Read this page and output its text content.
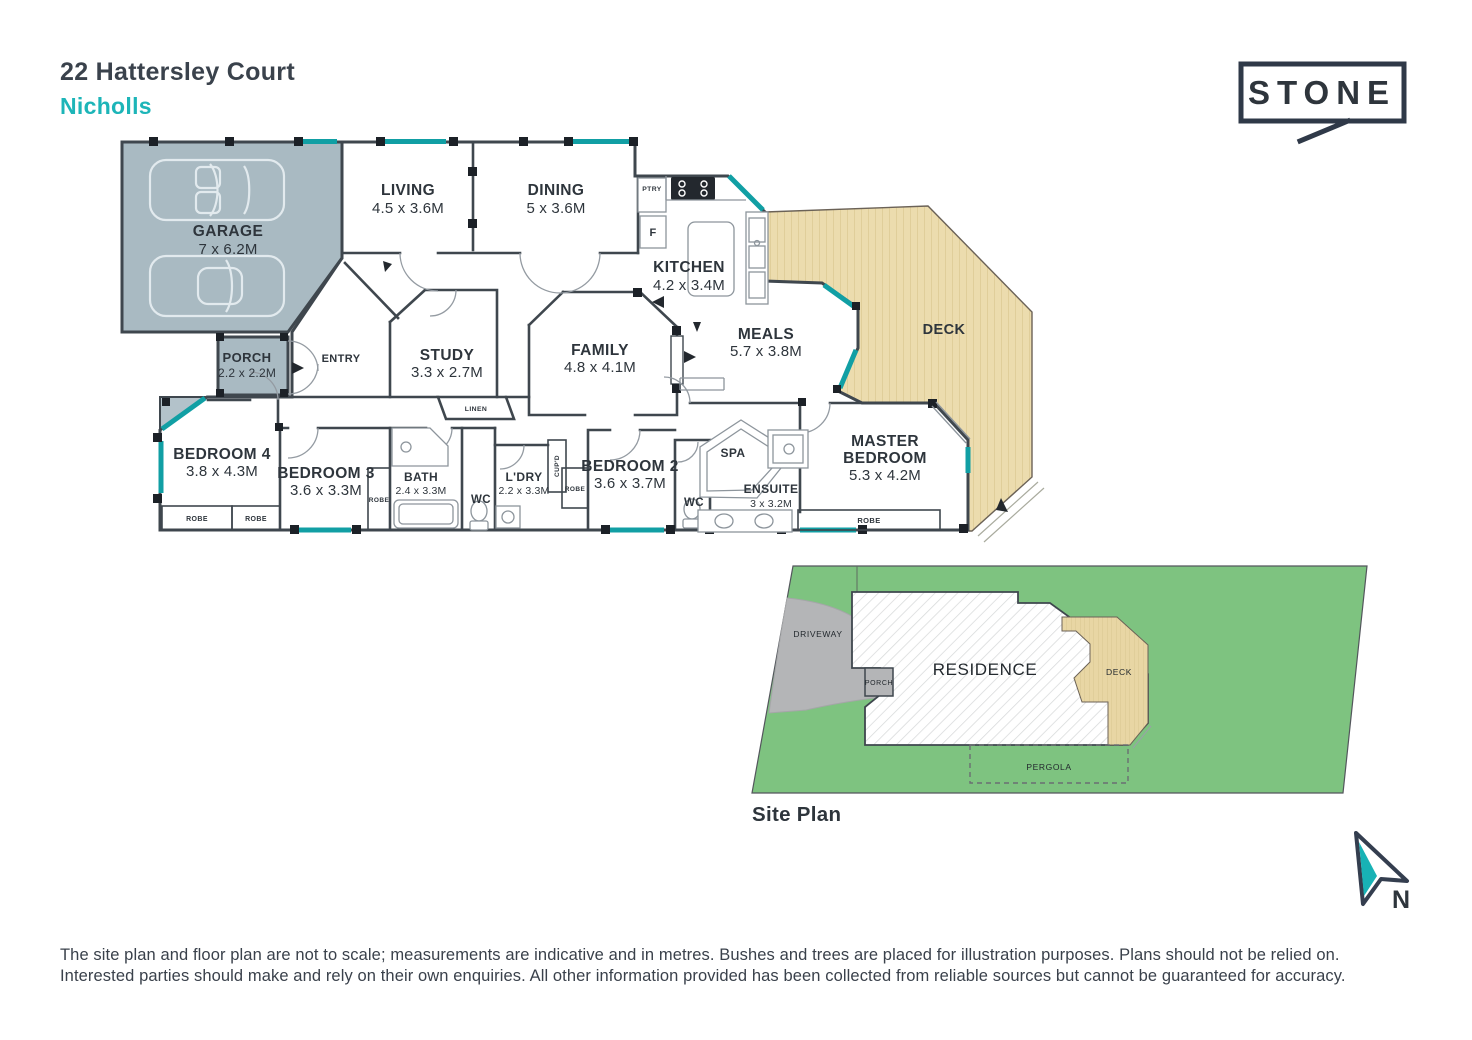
GARAGE
7 x 6.2M
PORCH
2.2 x 2.2M
ENTRY
LIVING
4.5 x 3.6M
DINING
5 x 3.6M
KITCHEN
4.2 x 3.4M
STUDY
3.3 x 2.7M
FAMILY
4.8 x 4.1M
MEALS
5.7 x 3.8M
DECK
BEDROOM 4
3.8 x 4.3M BEDROOM 3
3.6 x 3.3M
BATH
2.4 x 3.3M
WC
L'DRY
2.2 x 3.3M
BEDROOM 2
3.6 x 3.7M
WC
SPA
ENSUITE
3 x 3.2M
MASTER
BEDROOM
5.3 x 4.2M
PTRY
F
LINEN
ROBE	ROBE
ROBE
CUP'D
ROBE
ROBE
DRIVEWAY
PORCH
RESIDENCE	DECK
PERGOLA
Site Plan
N
STONE
22 Hattersley Court
Nicholls
The site plan and floor plan are not to scale; measurements are indicative and in metres. Bushes and trees are placed for illustration purposes. Plans should not be relied on.
Interested parties should make and rely on their own enquiries. All other information provided has been collected from reliable sources but cannot be guaranteed for accuracy.
